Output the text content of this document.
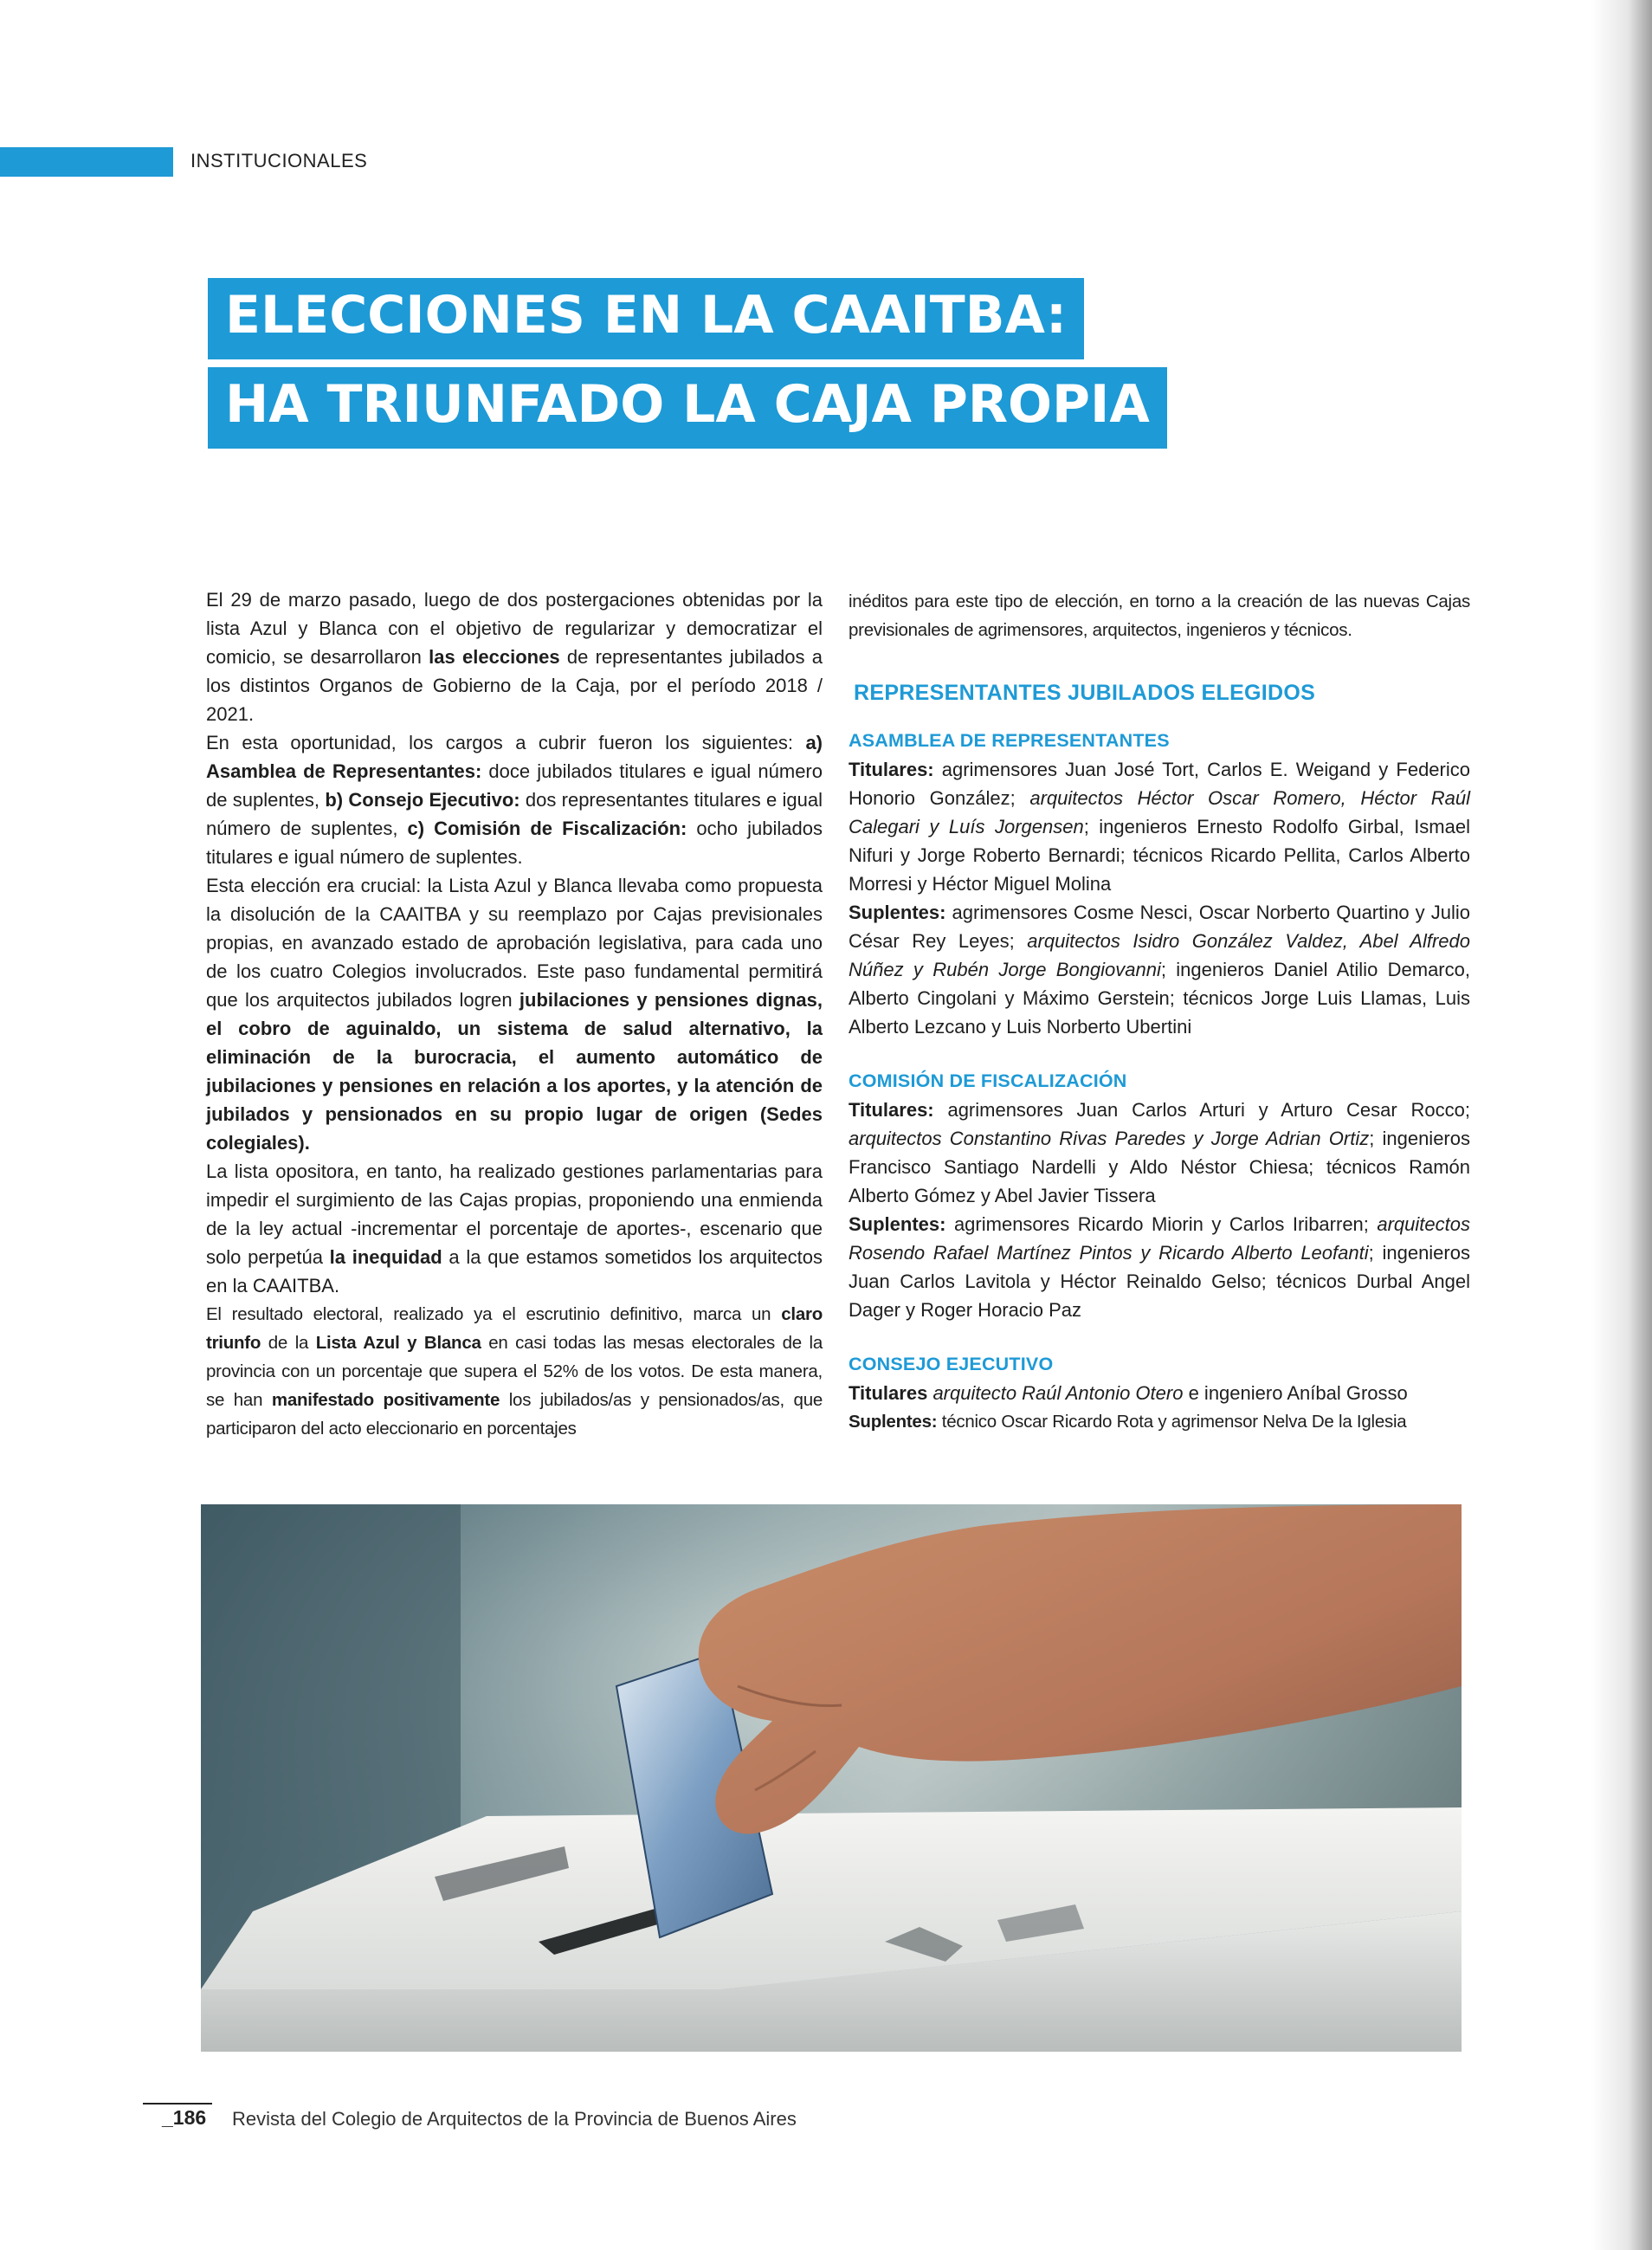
INSTITUCIONALES
ELECCIONES EN LA CAAITBA:
HA TRIUNFADO LA CAJA PROPIA

El 29 de marzo pasado, luego de dos postergaciones obtenidas por la lista Azul y Blanca con el objetivo de regularizar y democratizar el comicio, se desarrollaron las elecciones de representantes jubilados a los distintos Organos de Gobierno de la Caja, por el período 2018 / 2021.

En esta oportunidad, los cargos a cubrir fueron los siguientes: a) Asamblea de Representantes: doce jubilados titulares e igual número de suplentes, b) Consejo Ejecutivo: dos representantes titulares e igual número de suplentes, c) Comisión de Fiscalización: ocho jubilados titulares e igual número de suplentes.

Esta elección era crucial: la Lista Azul y Blanca llevaba como propuesta la disolución de la CAAITBA y su reemplazo por Cajas previsionales propias, en avanzado estado de aprobación legislativa, para cada uno de los cuatro Colegios involucrados. Este paso fundamental permitirá que los arquitectos jubilados logren jubilaciones y pensiones dignas, el cobro de aguinaldo, un sistema de salud alternativo, la eliminación de la burocracia, el aumento automático de jubilaciones y pensiones en relación a los aportes, y la atención de jubilados y pensionados en su propio lugar de origen (Sedes colegiales).

La lista opositora, en tanto, ha realizado gestiones parlamentarias para impedir el surgimiento de las Cajas propias, proponiendo una enmienda de la ley actual -incrementar el porcentaje de aportes-, escenario que solo perpetúa la inequidad a la que estamos sometidos los arquitectos en la CAAITBA.

El resultado electoral, realizado ya el escrutinio definitivo, marca un claro triunfo de la Lista Azul y Blanca en casi todas las mesas electorales de la provincia con un porcentaje que supera el 52% de los votos. De esta manera, se han manifestado positivamente los jubilados/as y pensionados/as, que participaron del acto eleccionario en porcentajes

inéditos para este tipo de elección, en torno a la creación de las nuevas Cajas previsionales de agrimensores, arquitectos, ingenieros y técnicos.

REPRESENTANTES JUBILADOS ELEGIDOS

ASAMBLEA DE REPRESENTANTES

Titulares: agrimensores Juan José Tort, Carlos E. Weigand y Federico Honorio González; arquitectos Héctor Oscar Romero, Héctor Raúl Calegari y Luís Jorgensen; ingenieros Ernesto Rodolfo Girbal, Ismael Nifuri y Jorge Roberto Bernardi; técnicos Ricardo Pellita, Carlos Alberto Morresi y Héctor Miguel Molina

Suplentes: agrimensores Cosme Nesci, Oscar Norberto Quartino y Julio César Rey Leyes; arquitectos Isidro González Valdez, Abel Alfredo Núñez y Rubén Jorge Bongiovanni; ingenieros Daniel Atilio Demarco, Alberto Cingolani y Máximo Gerstein; técnicos Jorge Luis Llamas, Luis Alberto Lezcano y Luis Norberto Ubertini

COMISIÓN DE FISCALIZACIÓN

Titulares: agrimensores Juan Carlos Arturi y Arturo Cesar Rocco; arquitectos Constantino Rivas Paredes y Jorge Adrian Ortiz; ingenieros Francisco Santiago Nardelli y Aldo Néstor Chiesa; técnicos Ramón Alberto Gómez y Abel Javier Tissera

Suplentes: agrimensores Ricardo Miorin y Carlos Iribarren; arquitectos Rosendo Rafael Martínez Pintos y Ricardo Alberto Leofanti; ingenieros Juan Carlos Lavitola y Héctor Reinaldo Gelso; técnicos Durbal Angel Dager y Roger Horacio Paz

CONSEJO EJECUTIVO

Titulares arquitecto Raúl Antonio Otero e ingeniero Aníbal Grosso

Suplentes: técnico Oscar Ricardo Rota y agrimensor Nelva De la Iglesia

_186 Revista del Colegio de Arquitectos de la Provincia de Buenos Aires
